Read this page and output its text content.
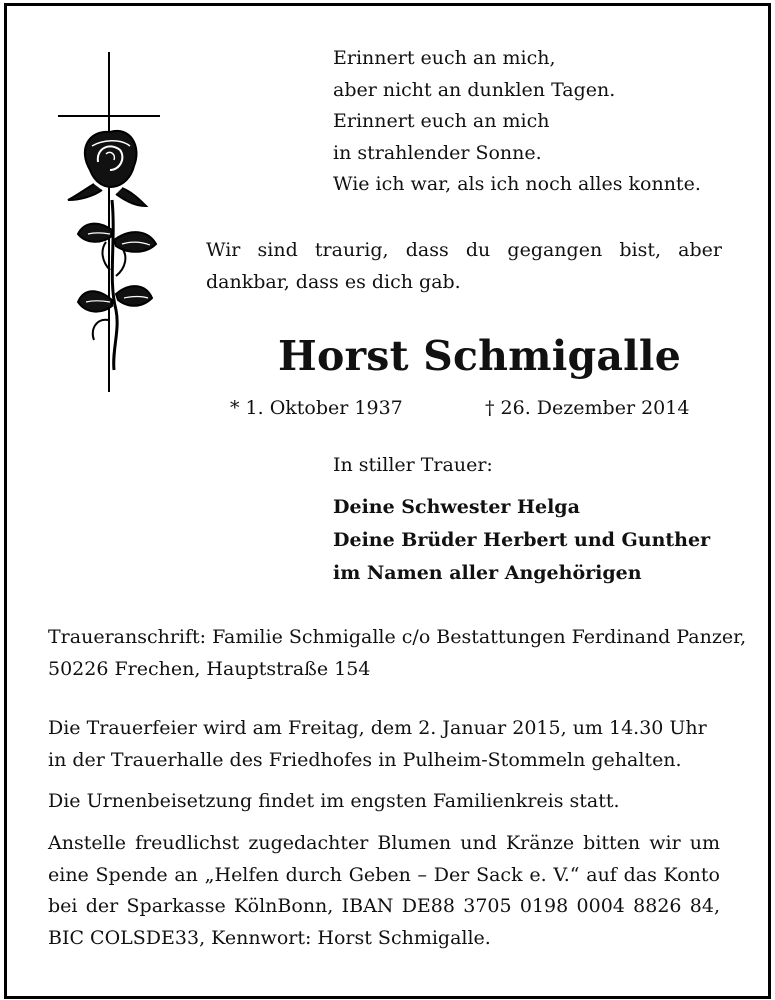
Erinnert euch an mich,
aber nicht an dunklen Tagen.
Erinnert euch an mich
in strahlender Sonne.
Wie ich war, als ich noch alles konnte.
Wir sind traurig, dass du gegangen bist, aber
dankbar, dass es dich gab.
Horst Schmigalle
* 1. Oktober 1937	† 26. Dezember 2014
In stiller Trauer:
Deine Schwester Helga
Deine Brüder Herbert und Gunther
im Namen aller Angehörigen
Traueranschrift: Familie Schmigalle c/o Bestattungen Ferdinand Panzer,
50226 Frechen, Hauptstraße 154
Die Trauerfeier wird am Freitag, dem 2. Januar 2015, um 14.30 Uhr
in der Trauerhalle des Friedhofes in Pulheim-Stommeln gehalten.
Die Urnenbeisetzung findet im engsten Familienkreis statt.
Anstelle freudlichst zugedachter Blumen und Kränze bitten wir um
eine Spende an „Helfen durch Geben – Der Sack e. V.“ auf das Konto
bei der Sparkasse KölnBonn, IBAN DE88 3705 0198 0004 8826 84,
BIC COLSDE33, Kennwort: Horst Schmigalle.
